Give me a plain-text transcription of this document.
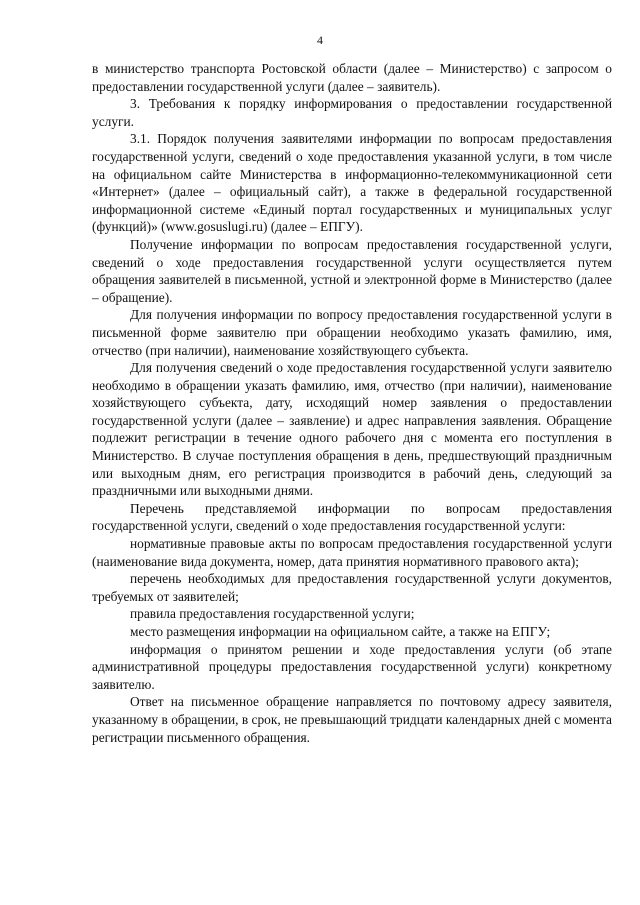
4

в министерство транспорта Ростовской области (далее – Министерство) с запросом о предоставлении государственной услуги (далее – заявитель).

3. Требования к порядку информирования о предоставлении государственной услуги.

3.1. Порядок получения заявителями информации по вопросам предоставления государственной услуги, сведений о ходе предоставления указанной услуги, в том числе на официальном сайте Министерства в информационно-телекоммуникационной сети «Интернет» (далее – официальный сайт), а также в федеральной государственной информационной системе «Единый портал государственных и муниципальных услуг (функций)» (www.gosuslugi.ru) (далее – ЕПГУ).

Получение информации по вопросам предоставления государственной услуги, сведений о ходе предоставления государственной услуги осуществляется путем обращения заявителей в письменной, устной и электронной форме в Министерство (далее – обращение).

Для получения информации по вопросу предоставления государственной услуги в письменной форме заявителю при обращении необходимо указать фамилию, имя, отчество (при наличии), наименование хозяйствующего субъекта.

Для получения сведений о ходе предоставления государственной услуги заявителю необходимо в обращении указать фамилию, имя, отчество (при наличии), наименование хозяйствующего субъекта, дату, исходящий номер заявления о предоставлении государственной услуги (далее – заявление) и адрес направления заявления. Обращение подлежит регистрации в течение одного рабочего дня с момента его поступления в Министерство. В случае поступления обращения в день, предшествующий праздничным или выходным дням, его регистрация производится в рабочий день, следующий за праздничными или выходными днями.

Перечень представляемой информации по вопросам предоставления государственной услуги, сведений о ходе предоставления государственной услуги:

нормативные правовые акты по вопросам предоставления государственной услуги (наименование вида документа, номер, дата принятия нормативного правового акта);

перечень необходимых для предоставления государственной услуги документов, требуемых от заявителей;

правила предоставления государственной услуги;

место размещения информации на официальном сайте, а также на ЕПГУ;

информация о принятом решении и ходе предоставления услуги (об этапе административной процедуры предоставления государственной услуги) конкретному заявителю.

Ответ на письменное обращение направляется по почтовому адресу заявителя, указанному в обращении, в срок, не превышающий тридцати календарных дней с момента регистрации письменного обращения.
